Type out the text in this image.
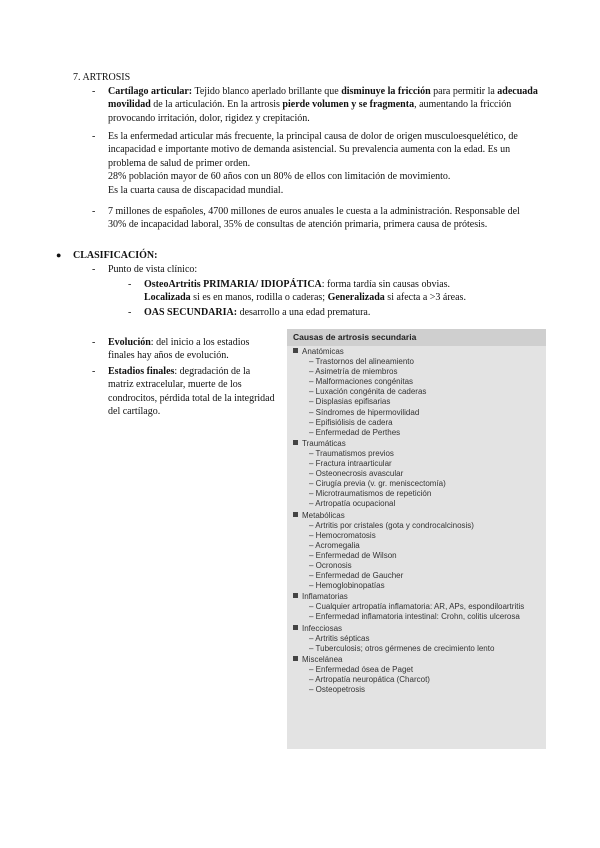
7. ARTROSIS
- Cartílago articular: Tejido blanco aperlado brillante que disminuye la fricción para permitir la adecuada movilidad de la articulación. En la artrosis pierde volumen y se fragmenta, aumentando la fricción provocando irritación, dolor, rigidez y crepitación.
- Es la enfermedad articular más frecuente, la principal causa de dolor de origen musculoesquelético, de incapacidad e importante motivo de demanda asistencial. Su prevalencia aumenta con la edad. Es un problema de salud de primer orden.
28% población mayor de 60 años con un 80% de ellos con limitación de movimiento.
Es la cuarta causa de discapacidad mundial.
- 7 millones de españoles, 4700 millones de euros anuales le cuesta a la administración. Responsable del 30% de incapacidad laboral, 35% de consultas de atención primaria, primera causa de prótesis.
● CLASIFICACIÓN:
- Punto de vista clínico:
- OsteoArtritis PRIMARIA/ IDIOPÁTICA: forma tardía sin causas obvias.
Localizada si es en manos, rodilla o caderas; Generalizada si afecta a >3 áreas.
- OAS SECUNDARIA: desarrollo a una edad prematura.
- Evolución: del inicio a los estadios finales hay años de evolución.
- Estadios finales: degradación de la matriz extracelular, muerte de los condrocitos, pérdida total de la integridad del cartílago.
Causas de artrosis secundaria
Anatómicas
– Trastornos del alineamiento
– Asimetría de miembros
– Malformaciones congénitas
– Luxación congénita de caderas
– Displasias epifisarias
– Síndromes de hipermovilidad
– Epifisiólisis de cadera
– Enfermedad de Perthes
Traumáticas
– Traumatismos previos
– Fractura intraarticular
– Osteonecrosis avascular
– Cirugía previa (v. gr. meniscectomía)
– Microtraumatismos de repetición
– Artropatía ocupacional
Metabólicas
– Artritis por cristales (gota y condrocalcinosis)
– Hemocromatosis
– Acromegalia
– Enfermedad de Wilson
– Ocronosis
– Enfermedad de Gaucher
– Hemoglobinopatías
Inflamatorias
– Cualquier artropatía inflamatoria: AR, APs, espondiloartritis
– Enfermedad inflamatoria intestinal: Crohn, colitis ulcerosa
Infecciosas
– Artritis sépticas
– Tuberculosis; otros gérmenes de crecimiento lento
Miscelánea
– Enfermedad ósea de Paget
– Artropatía neuropática (Charcot)
– Osteopetrosis
